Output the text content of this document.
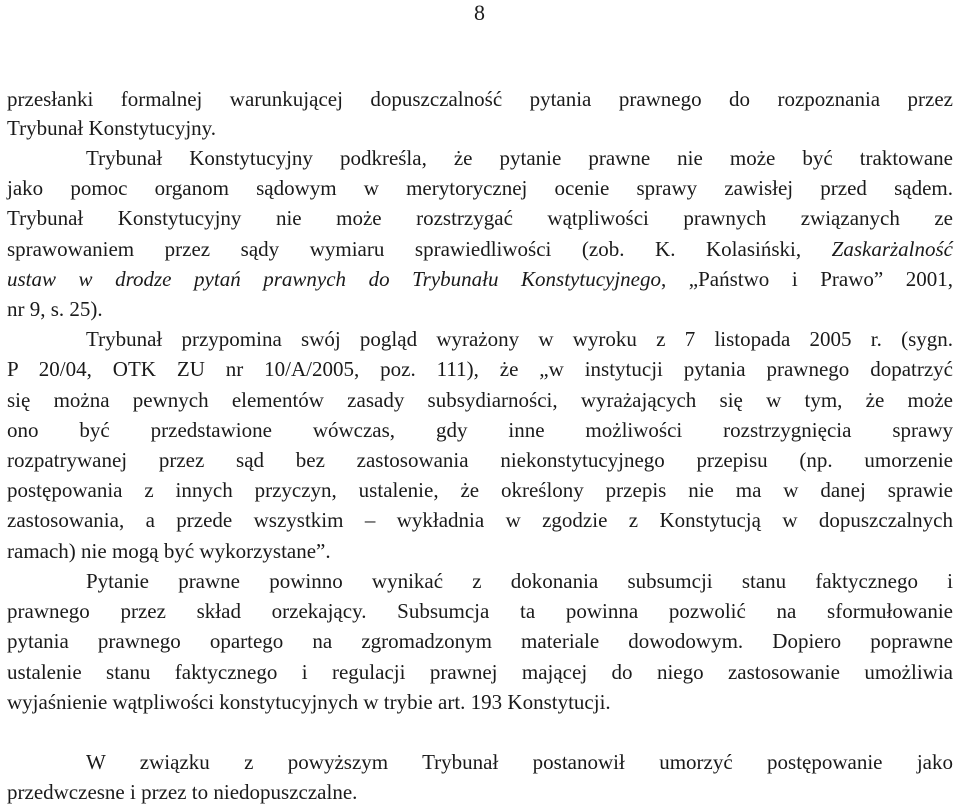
8
przesłanki formalnej warunkującej dopuszczalność pytania prawnego do rozpoznania przez
Trybunał Konstytucyjny.
Trybunał Konstytucyjny podkreśla, że pytanie prawne nie może być traktowane
jako pomoc organom sądowym w merytorycznej ocenie sprawy zawisłej przed sądem.
Trybunał Konstytucyjny nie może rozstrzygać wątpliwości prawnych związanych ze
sprawowaniem przez sądy wymiaru sprawiedliwości (zob. K. Kolasiński, Zaskarżalność
ustaw w drodze pytań prawnych do Trybunału Konstytucyjnego, „Państwo i Prawo” 2001,
nr 9, s. 25).
Trybunał przypomina swój pogląd wyrażony w wyroku z 7 listopada 2005 r. (sygn.
P 20/04, OTK ZU nr 10/A/2005, poz. 111), że „w instytucji pytania prawnego dopatrzyć
się można pewnych elementów zasady subsydiarności, wyrażających się w tym, że może
ono być przedstawione wówczas, gdy inne możliwości rozstrzygnięcia sprawy
rozpatrywanej przez sąd bez zastosowania niekonstytucyjnego przepisu (np. umorzenie
postępowania z innych przyczyn, ustalenie, że określony przepis nie ma w danej sprawie
zastosowania, a przede wszystkim – wykładnia w zgodzie z Konstytucją w dopuszczalnych
ramach) nie mogą być wykorzystane”.
Pytanie prawne powinno wynikać z dokonania subsumcji stanu faktycznego i
prawnego przez skład orzekający. Subsumcja ta powinna pozwolić na sformułowanie
pytania prawnego opartego na zgromadzonym materiale dowodowym. Dopiero poprawne
ustalenie stanu faktycznego i regulacji prawnej mającej do niego zastosowanie umożliwia
wyjaśnienie wątpliwości konstytucyjnych w trybie art. 193 Konstytucji.
W związku z powyższym Trybunał postanowił umorzyć postępowanie jako
przedwczesne i przez to niedopuszczalne.
